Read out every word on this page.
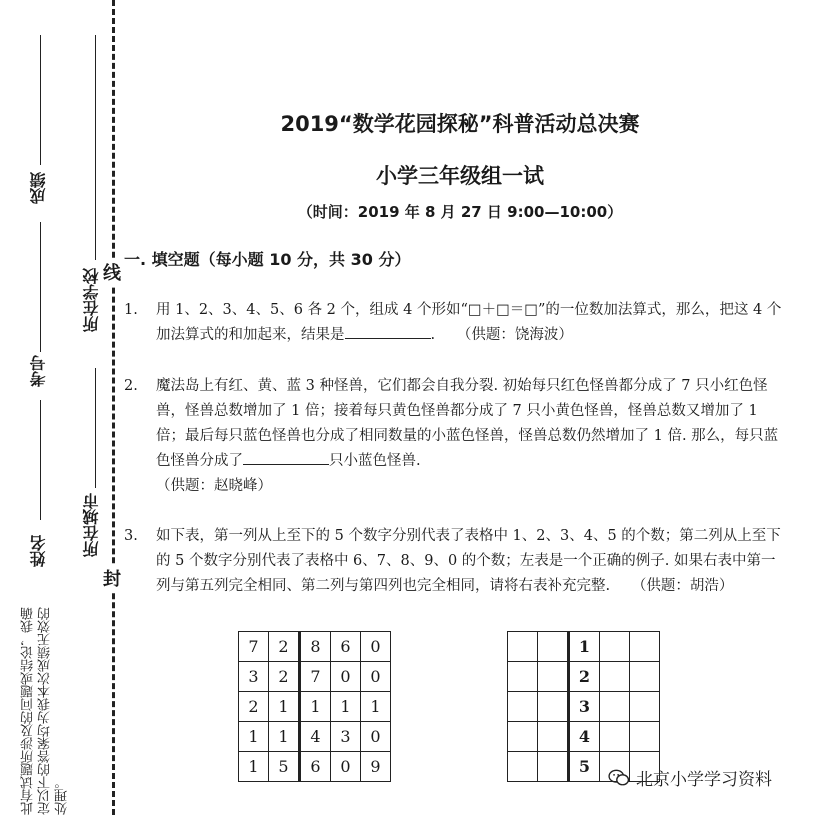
成绩
考号
姓名
所在学校
所在城市
线
封
此有试题所涉及的问题或结论，我确定以下的答案均为我本次成绩无效的处理。
2019“数学花园探秘”科普活动总决赛
小学三年级组一试
（时间：2019 年 8 月 27 日 9:00—10:00）
一. 填空题（每小题 10 分，共 30 分）
1. 用 1、2、3、4、5、6 各 2 个，组成 4 个形如“□＋□＝□”的一位数加法算式，那么，把这 4 个加法算式的和加起来，结果是	.　　（供题：饶海波）
2. 魔法岛上有红、黄、蓝 3 种怪兽，它们都会自我分裂. 初始每只红色怪兽都分成了 7 只小红色怪兽，怪兽总数增加了 1 倍；接着每只黄色怪兽都分成了 7 只小黄色怪兽，怪兽总数又增加了 1 倍；最后每只蓝色怪兽也分成了相同数量的小蓝色怪兽，怪兽总数仍然增加了 1 倍. 那么，每只蓝色怪兽分成了	只小蓝色怪兽.
（供题：赵晓峰）
3. 如下表，第一列从上至下的 5 个数字分别代表了表格中 1、2、3、4、5 的个数；第二列从上至下的 5 个数字分别代表了表格中 6、7、8、9、0 的个数；左表是一个正确的例子. 如果右表中第一列与第五列完全相同、第二列与第四列也完全相同，请将右表补充完整.　　（供题：胡浩）
7	2	8	6	0
3	2	7	0	0
2	1	1	1	1
1	1	4	3	0
1	5	6	0	9
		1		
		2		
		3		
		4		
		5		
北京小学学习资料
